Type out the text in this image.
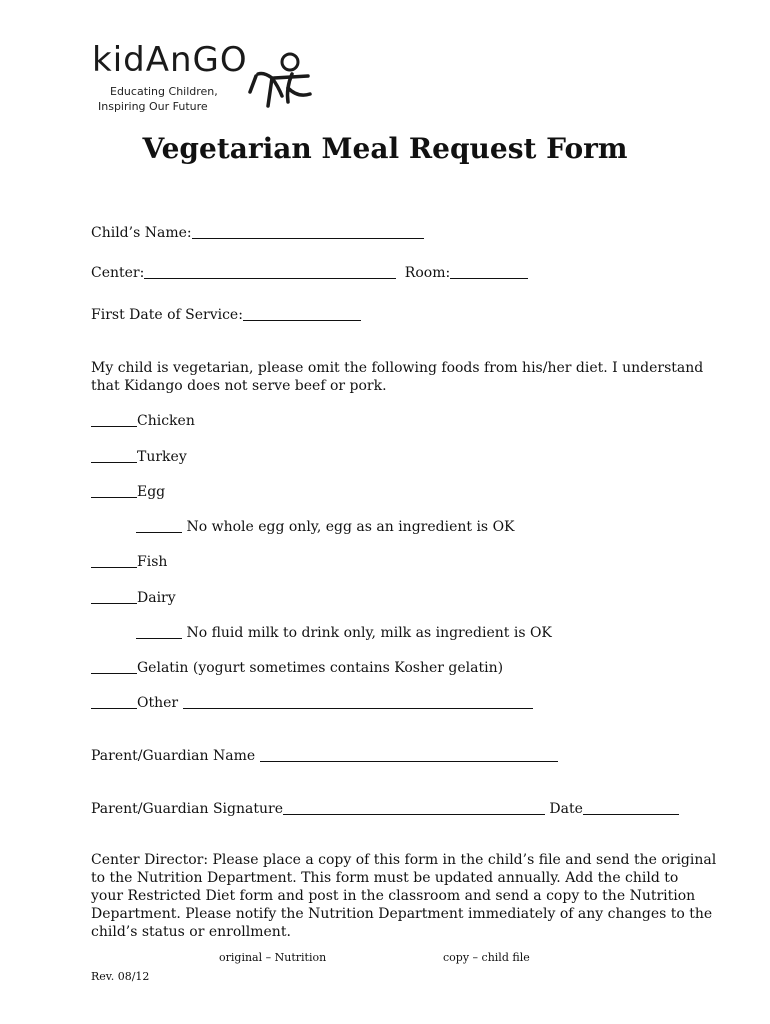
kidAnGO
Educating Children,
Inspiring Our Future
Vegetarian Meal Request Form
Child’s Name:
Center:	Room:
First Date of Service:
My child is vegetarian, please omit the following foods from his/her diet. I understand
that Kidango does not serve beef or pork.
Chicken
Turkey
Egg
No whole egg only, egg as an ingredient is OK
Fish
Dairy
No fluid milk to drink only, milk as ingredient is OK
Gelatin (yogurt sometimes contains Kosher gelatin)
Other
Parent/Guardian Name
Parent/Guardian Signature	Date
Center Director: Please place a copy of this form in the child’s file and send the original
to the Nutrition Department. This form must be updated annually. Add the child to
your Restricted Diet form and post in the classroom and send a copy to the Nutrition
Department. Please notify the Nutrition Department immediately of any changes to the
child’s status or enrollment.
original – Nutrition	copy – child file
Rev. 08/12
